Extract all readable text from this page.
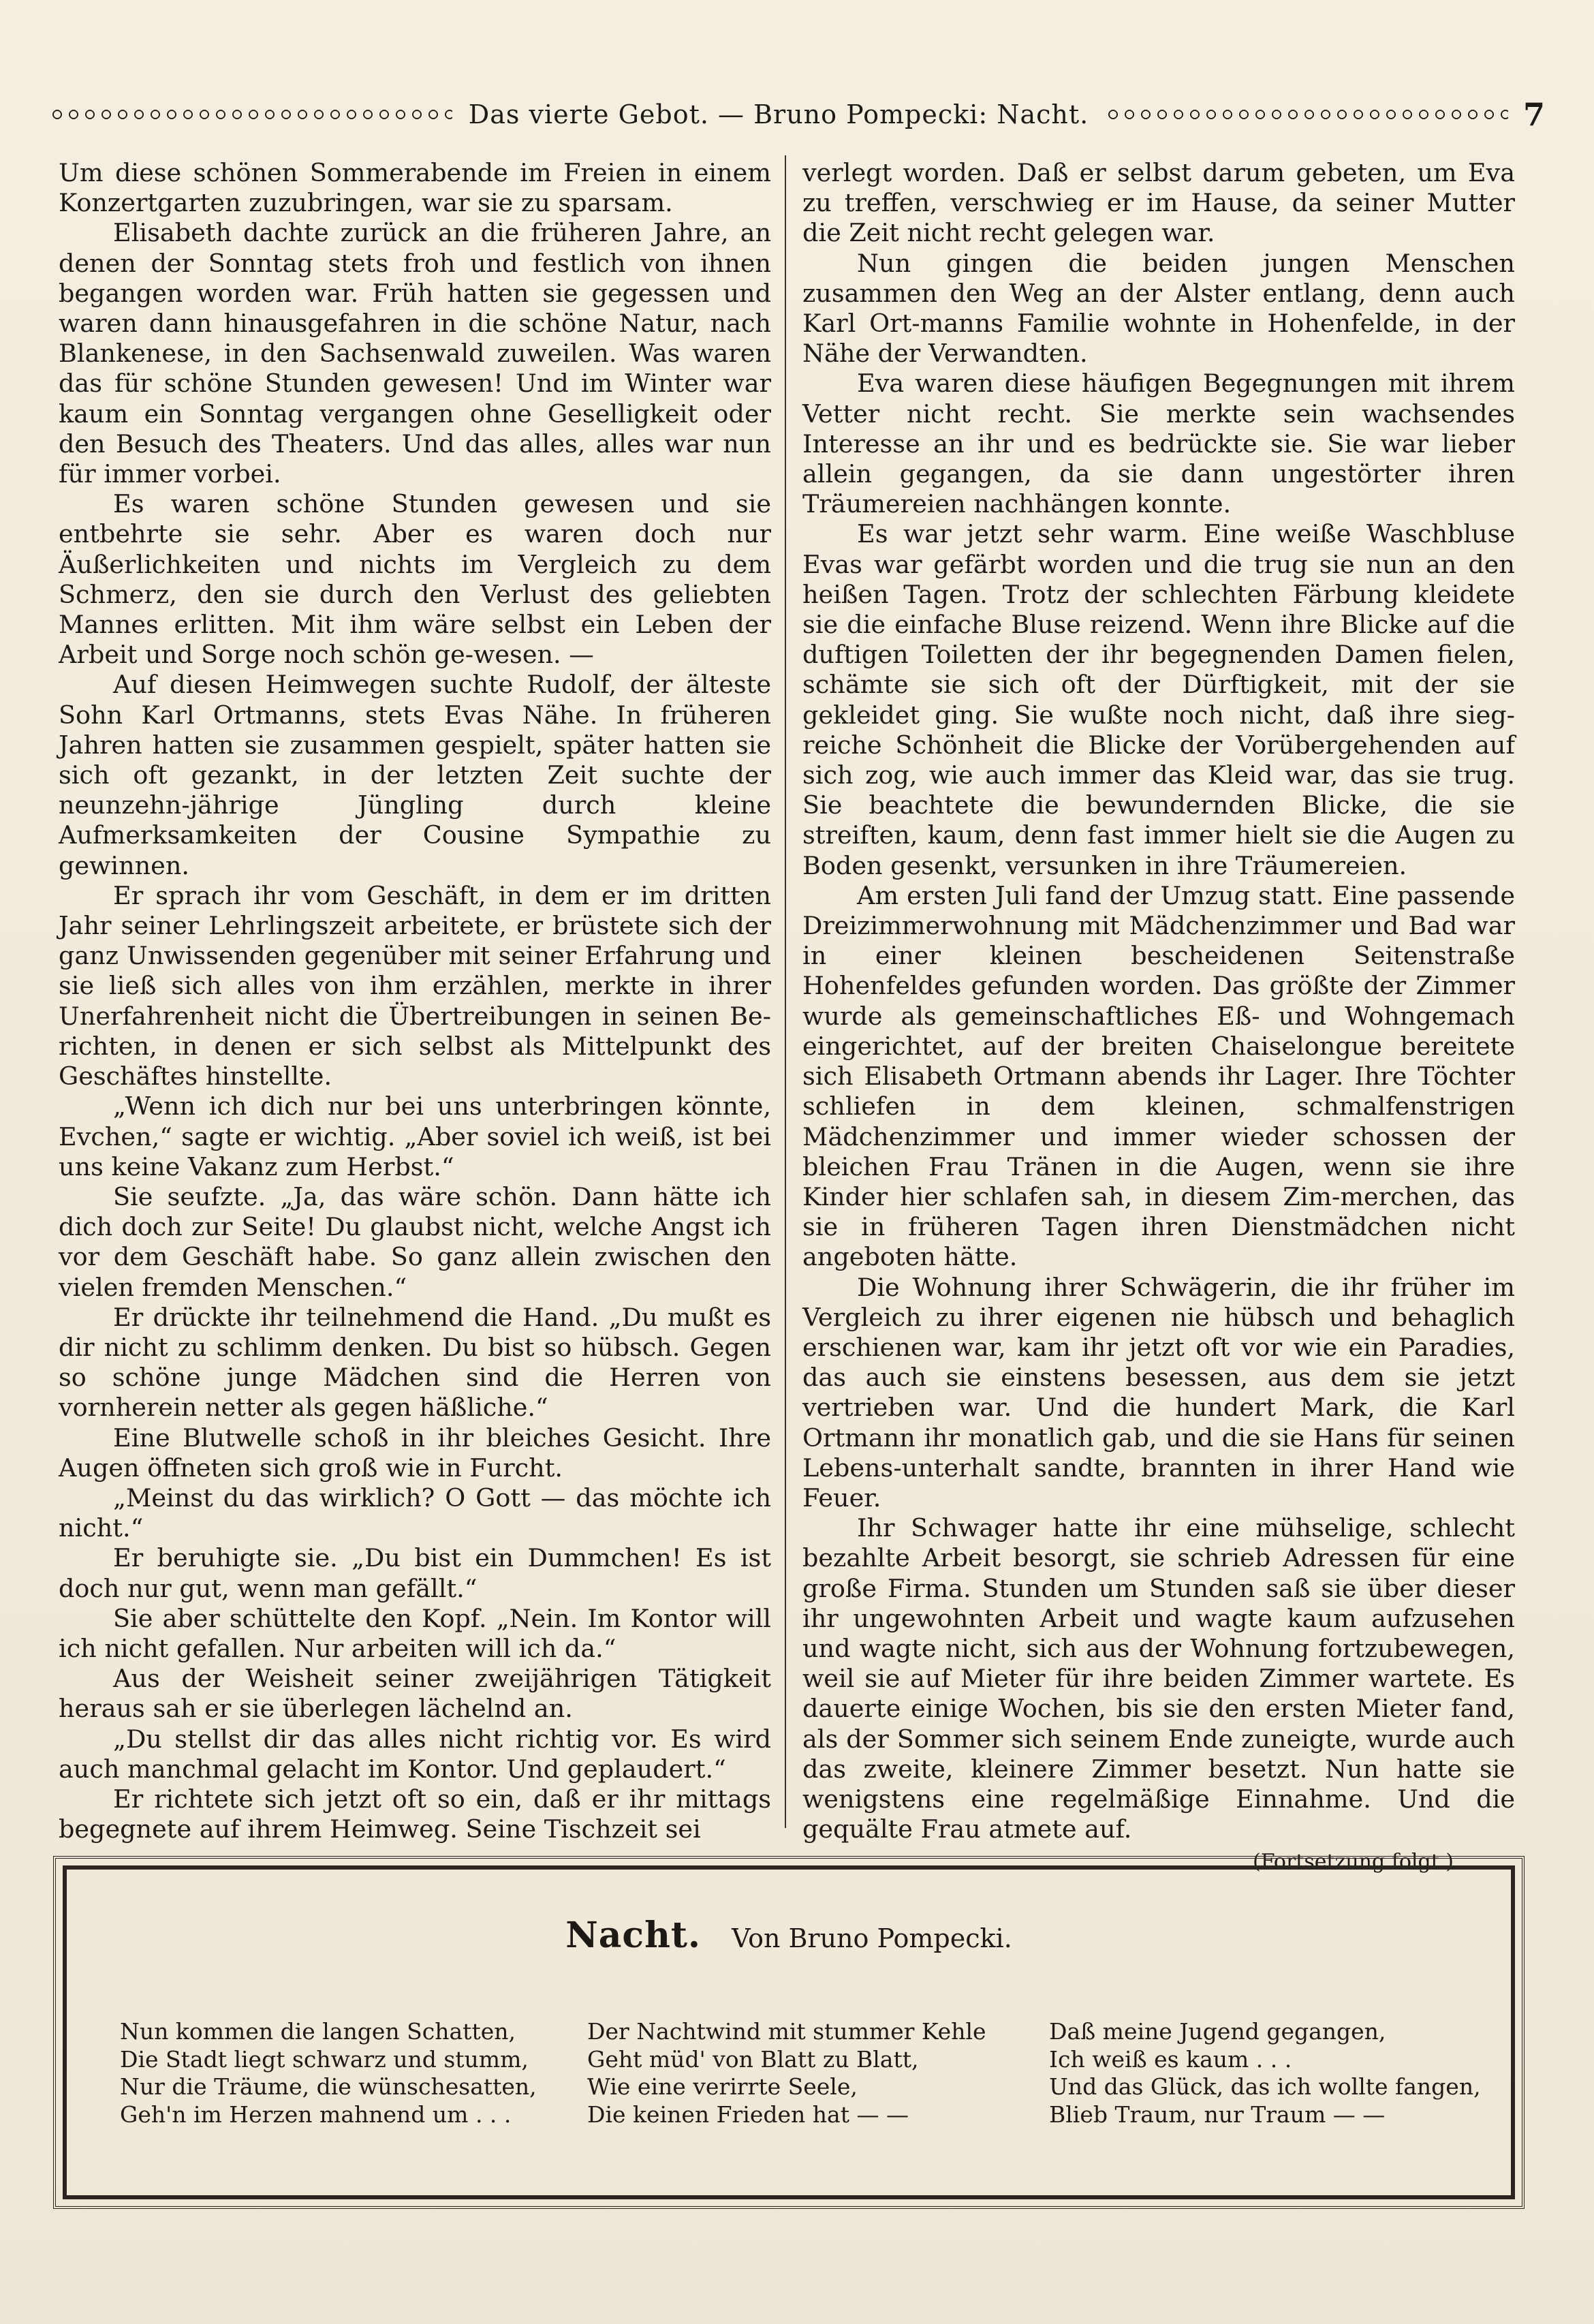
Das vierte Gebot. — Bruno Pompecki: Nacht.	7

Um diese schönen Sommerabende im Freien in einem Konzertgarten zuzubringen, war sie zu sparsam.

Elisabeth dachte zurück an die früheren Jahre, an denen der Sonntag stets froh und festlich von ihnen begangen worden war. Früh hatten sie gegessen und waren dann hinausgefahren in die schöne Natur, nach Blankenese, in den Sachsenwald zuweilen. Was waren das für schöne Stunden gewesen! Und im Winter war kaum ein Sonntag vergangen ohne Geselligkeit oder den Besuch des Theaters. Und das alles, alles war nun für immer vorbei.

Es waren schöne Stunden gewesen und sie entbehrte sie sehr. Aber es waren doch nur Äußerlichkeiten und nichts im Vergleich zu dem Schmerz, den sie durch den Verlust des geliebten Mannes erlitten. Mit ihm wäre selbst ein Leben der Arbeit und Sorge noch schön ge-wesen. —

Auf diesen Heimwegen suchte Rudolf, der älteste Sohn Karl Ortmanns, stets Evas Nähe. In früheren Jahren hatten sie zusammen gespielt, später hatten sie sich oft gezankt, in der letzten Zeit suchte der neunzehn-jährige Jüngling durch kleine Aufmerksamkeiten der Cousine Sympathie zu gewinnen.

Er sprach ihr vom Geschäft, in dem er im dritten Jahr seiner Lehrlingszeit arbeitete, er brüstete sich der ganz Unwissenden gegenüber mit seiner Erfahrung und sie ließ sich alles von ihm erzählen, merkte in ihrer Unerfahrenheit nicht die Übertreibungen in seinen Be-richten, in denen er sich selbst als Mittelpunkt des Geschäftes hinstellte.

„Wenn ich dich nur bei uns unterbringen könnte, Evchen,“ sagte er wichtig. „Aber soviel ich weiß, ist bei uns keine Vakanz zum Herbst.“

Sie seufzte. „Ja, das wäre schön. Dann hätte ich dich doch zur Seite! Du glaubst nicht, welche Angst ich vor dem Geschäft habe. So ganz allein zwischen den vielen fremden Menschen.“

Er drückte ihr teilnehmend die Hand. „Du mußt es dir nicht zu schlimm denken. Du bist so hübsch. Gegen so schöne junge Mädchen sind die Herren von vornherein netter als gegen häßliche.“

Eine Blutwelle schoß in ihr bleiches Gesicht. Ihre Augen öffneten sich groß wie in Furcht.

„Meinst du das wirklich? O Gott — das möchte ich nicht.“

Er beruhigte sie. „Du bist ein Dummchen! Es ist doch nur gut, wenn man gefällt.“

Sie aber schüttelte den Kopf. „Nein. Im Kontor will ich nicht gefallen. Nur arbeiten will ich da.“

Aus der Weisheit seiner zweijährigen Tätigkeit heraus sah er sie überlegen lächelnd an.

„Du stellst dir das alles nicht richtig vor. Es wird auch manchmal gelacht im Kontor. Und geplaudert.“

Er richtete sich jetzt oft so ein, daß er ihr mittags begegnete auf ihrem Heimweg. Seine Tischzeit sei

verlegt worden. Daß er selbst darum gebeten, um Eva zu treffen, verschwieg er im Hause, da seiner Mutter die Zeit nicht recht gelegen war.

Nun gingen die beiden jungen Menschen zusammen den Weg an der Alster entlang, denn auch Karl Ort-manns Familie wohnte in Hohenfelde, in der Nähe der Verwandten.

Eva waren diese häufigen Begegnungen mit ihrem Vetter nicht recht. Sie merkte sein wachsendes Interesse an ihr und es bedrückte sie. Sie war lieber allein gegangen, da sie dann ungestörter ihren Träumereien nachhängen konnte.

Es war jetzt sehr warm. Eine weiße Waschbluse Evas war gefärbt worden und die trug sie nun an den heißen Tagen. Trotz der schlechten Färbung kleidete sie die einfache Bluse reizend. Wenn ihre Blicke auf die duftigen Toiletten der ihr begegnenden Damen fielen, schämte sie sich oft der Dürftigkeit, mit der sie gekleidet ging. Sie wußte noch nicht, daß ihre sieg-reiche Schönheit die Blicke der Vorübergehenden auf sich zog, wie auch immer das Kleid war, das sie trug. Sie beachtete die bewundernden Blicke, die sie streiften, kaum, denn fast immer hielt sie die Augen zu Boden gesenkt, versunken in ihre Träumereien.

Am ersten Juli fand der Umzug statt. Eine passende Dreizimmerwohnung mit Mädchenzimmer und Bad war in einer kleinen bescheidenen Seitenstraße Hohenfeldes gefunden worden. Das größte der Zimmer wurde als gemeinschaftliches Eß- und Wohngemach eingerichtet, auf der breiten Chaiselongue bereitete sich Elisabeth Ortmann abends ihr Lager. Ihre Töchter schliefen in dem kleinen, schmalfenstrigen Mädchenzimmer und immer wieder schossen der bleichen Frau Tränen in die Augen, wenn sie ihre Kinder hier schlafen sah, in diesem Zim-merchen, das sie in früheren Tagen ihren Dienstmädchen nicht angeboten hätte.

Die Wohnung ihrer Schwägerin, die ihr früher im Vergleich zu ihrer eigenen nie hübsch und behaglich erschienen war, kam ihr jetzt oft vor wie ein Paradies, das auch sie einstens besessen, aus dem sie jetzt vertrieben war. Und die hundert Mark, die Karl Ortmann ihr monatlich gab, und die sie Hans für seinen Lebens-unterhalt sandte, brannten in ihrer Hand wie Feuer.

Ihr Schwager hatte ihr eine mühselige, schlecht bezahlte Arbeit besorgt, sie schrieb Adressen für eine große Firma. Stunden um Stunden saß sie über dieser ihr ungewohnten Arbeit und wagte kaum aufzusehen und wagte nicht, sich aus der Wohnung fortzubewegen, weil sie auf Mieter für ihre beiden Zimmer wartete. Es dauerte einige Wochen, bis sie den ersten Mieter fand, als der Sommer sich seinem Ende zuneigte, wurde auch das zweite, kleinere Zimmer besetzt. Nun hatte sie wenigstens eine regelmäßige Einnahme. Und die gequälte Frau atmete auf.

(Fortsetzung folgt.)
Nacht. Von Bruno Pompecki.
Nun kommen die langen Schatten,
Die Stadt liegt schwarz und stumm,
Nur die Träume, die wünschesatten,
Geh'n im Herzen mahnend um . . .
Der Nachtwind mit stummer Kehle
Geht müd' von Blatt zu Blatt,
Wie eine verirrte Seele,
Die keinen Frieden hat — —
Daß meine Jugend gegangen,
Ich weiß es kaum . . .
Und das Glück, das ich wollte fangen,
Blieb Traum, nur Traum — —
